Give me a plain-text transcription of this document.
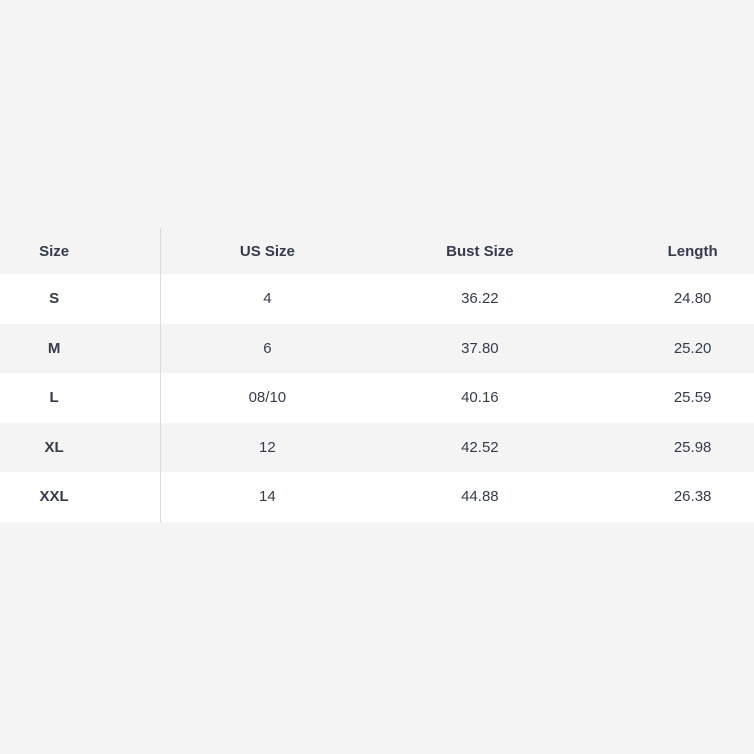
Size	US Size	Bust Size	Length
S	4	36.22	24.80
M	6	37.80	25.20
L	08/10	40.16	25.59
XL	12	42.52	25.98
XXL	14	44.88	26.38
